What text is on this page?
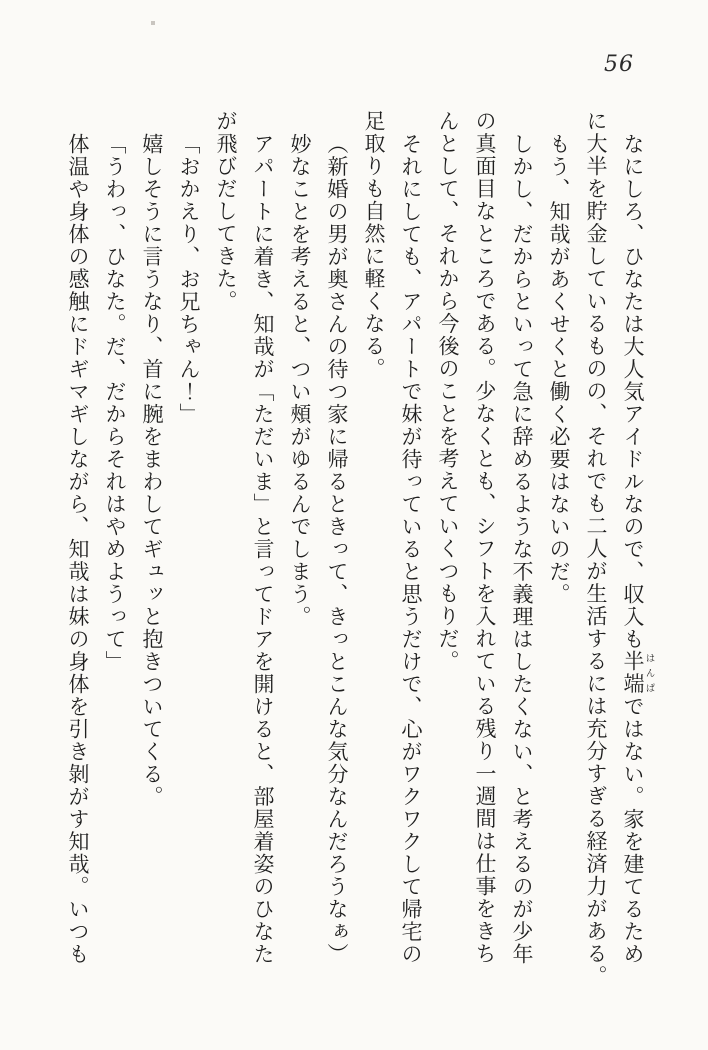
56

なにしろ、ひなたは大人気アイドルなので、収入も半端はんぱではない。家を建てるため

に大半を貯金しているものの、それでも二人が生活するには充分すぎる経済力がある。

もう、知哉があくせくと働く必要はないのだ。

しかし、だからといって急に辞めるような不義理はしたくない、と考えるのが少年

の真面目なところである。少なくとも、シフトを入れている残り一週間は仕事をきち

んとして、それから今後のことを考えていくつもりだ。

それにしても、アパートで妹が待っていると思うだけで、心がワクワクして帰宅の

足取りも自然に軽くなる。

（新婚の男が奥さんの待つ家に帰るときって、きっとこんな気分なんだろうなぁ）

妙なことを考えると、つい頰がゆるんでしまう。

アパートに着き、知哉が「ただいま」と言ってドアを開けると、部屋着姿のひなた

が飛びだしてきた。

「おかえり、お兄ちゃん！」

嬉しそうに言うなり、首に腕をまわしてギュッと抱きついてくる。

「うわっ、ひなた。だ、だからそれはやめようって」

体温や身体の感触にドギマギしながら、知哉は妹の身体を引き剝がす知哉。いつも
